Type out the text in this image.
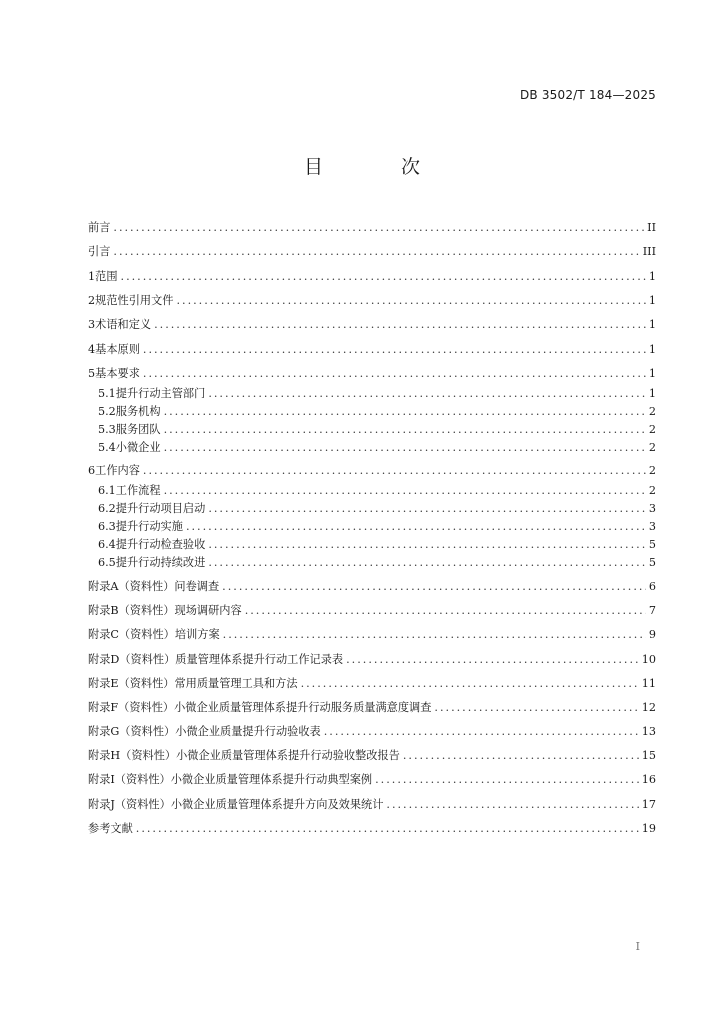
DB 3502/T 184—2025
目 次
前言 .....	II
引言 .....	III
1 范围 .....	1
2 规范性引用文件 .....	1
3 术语和定义 .....	1
4 基本原则 .....	1
5 基本要求 .....	1
5.1 提升行动主管部门 .....	1
5.2 服务机构 .....	2
5.3 服务团队 .....	2
5.4 小微企业 .....	2
6 工作内容 .....	2
6.1 工作流程 .....	2
6.2 提升行动项目启动 .....	3
6.3 提升行动实施 .....	3
6.4 提升行动检查验收 .....	5
6.5 提升行动持续改进 .....	5
附录A（资料性） 问卷调查 .....	6
附录B（资料性） 现场调研内容 .....	7
附录C（资料性） 培训方案 .....	9
附录D（资料性） 质量管理体系提升行动工作记录表 .....	10
附录E（资料性） 常用质量管理工具和方法 .....	11
附录F（资料性） 小微企业质量管理体系提升行动服务质量满意度调查 .....	12
附录G（资料性） 小微企业质量提升行动验收表 .....	13
附录H（资料性） 小微企业质量管理体系提升行动验收整改报告 .....	15
附录I（资料性） 小微企业质量管理体系提升行动典型案例 .....	16
附录J（资料性） 小微企业质量管理体系提升方向及效果统计 .....	17
参考文献 .....	19
I
